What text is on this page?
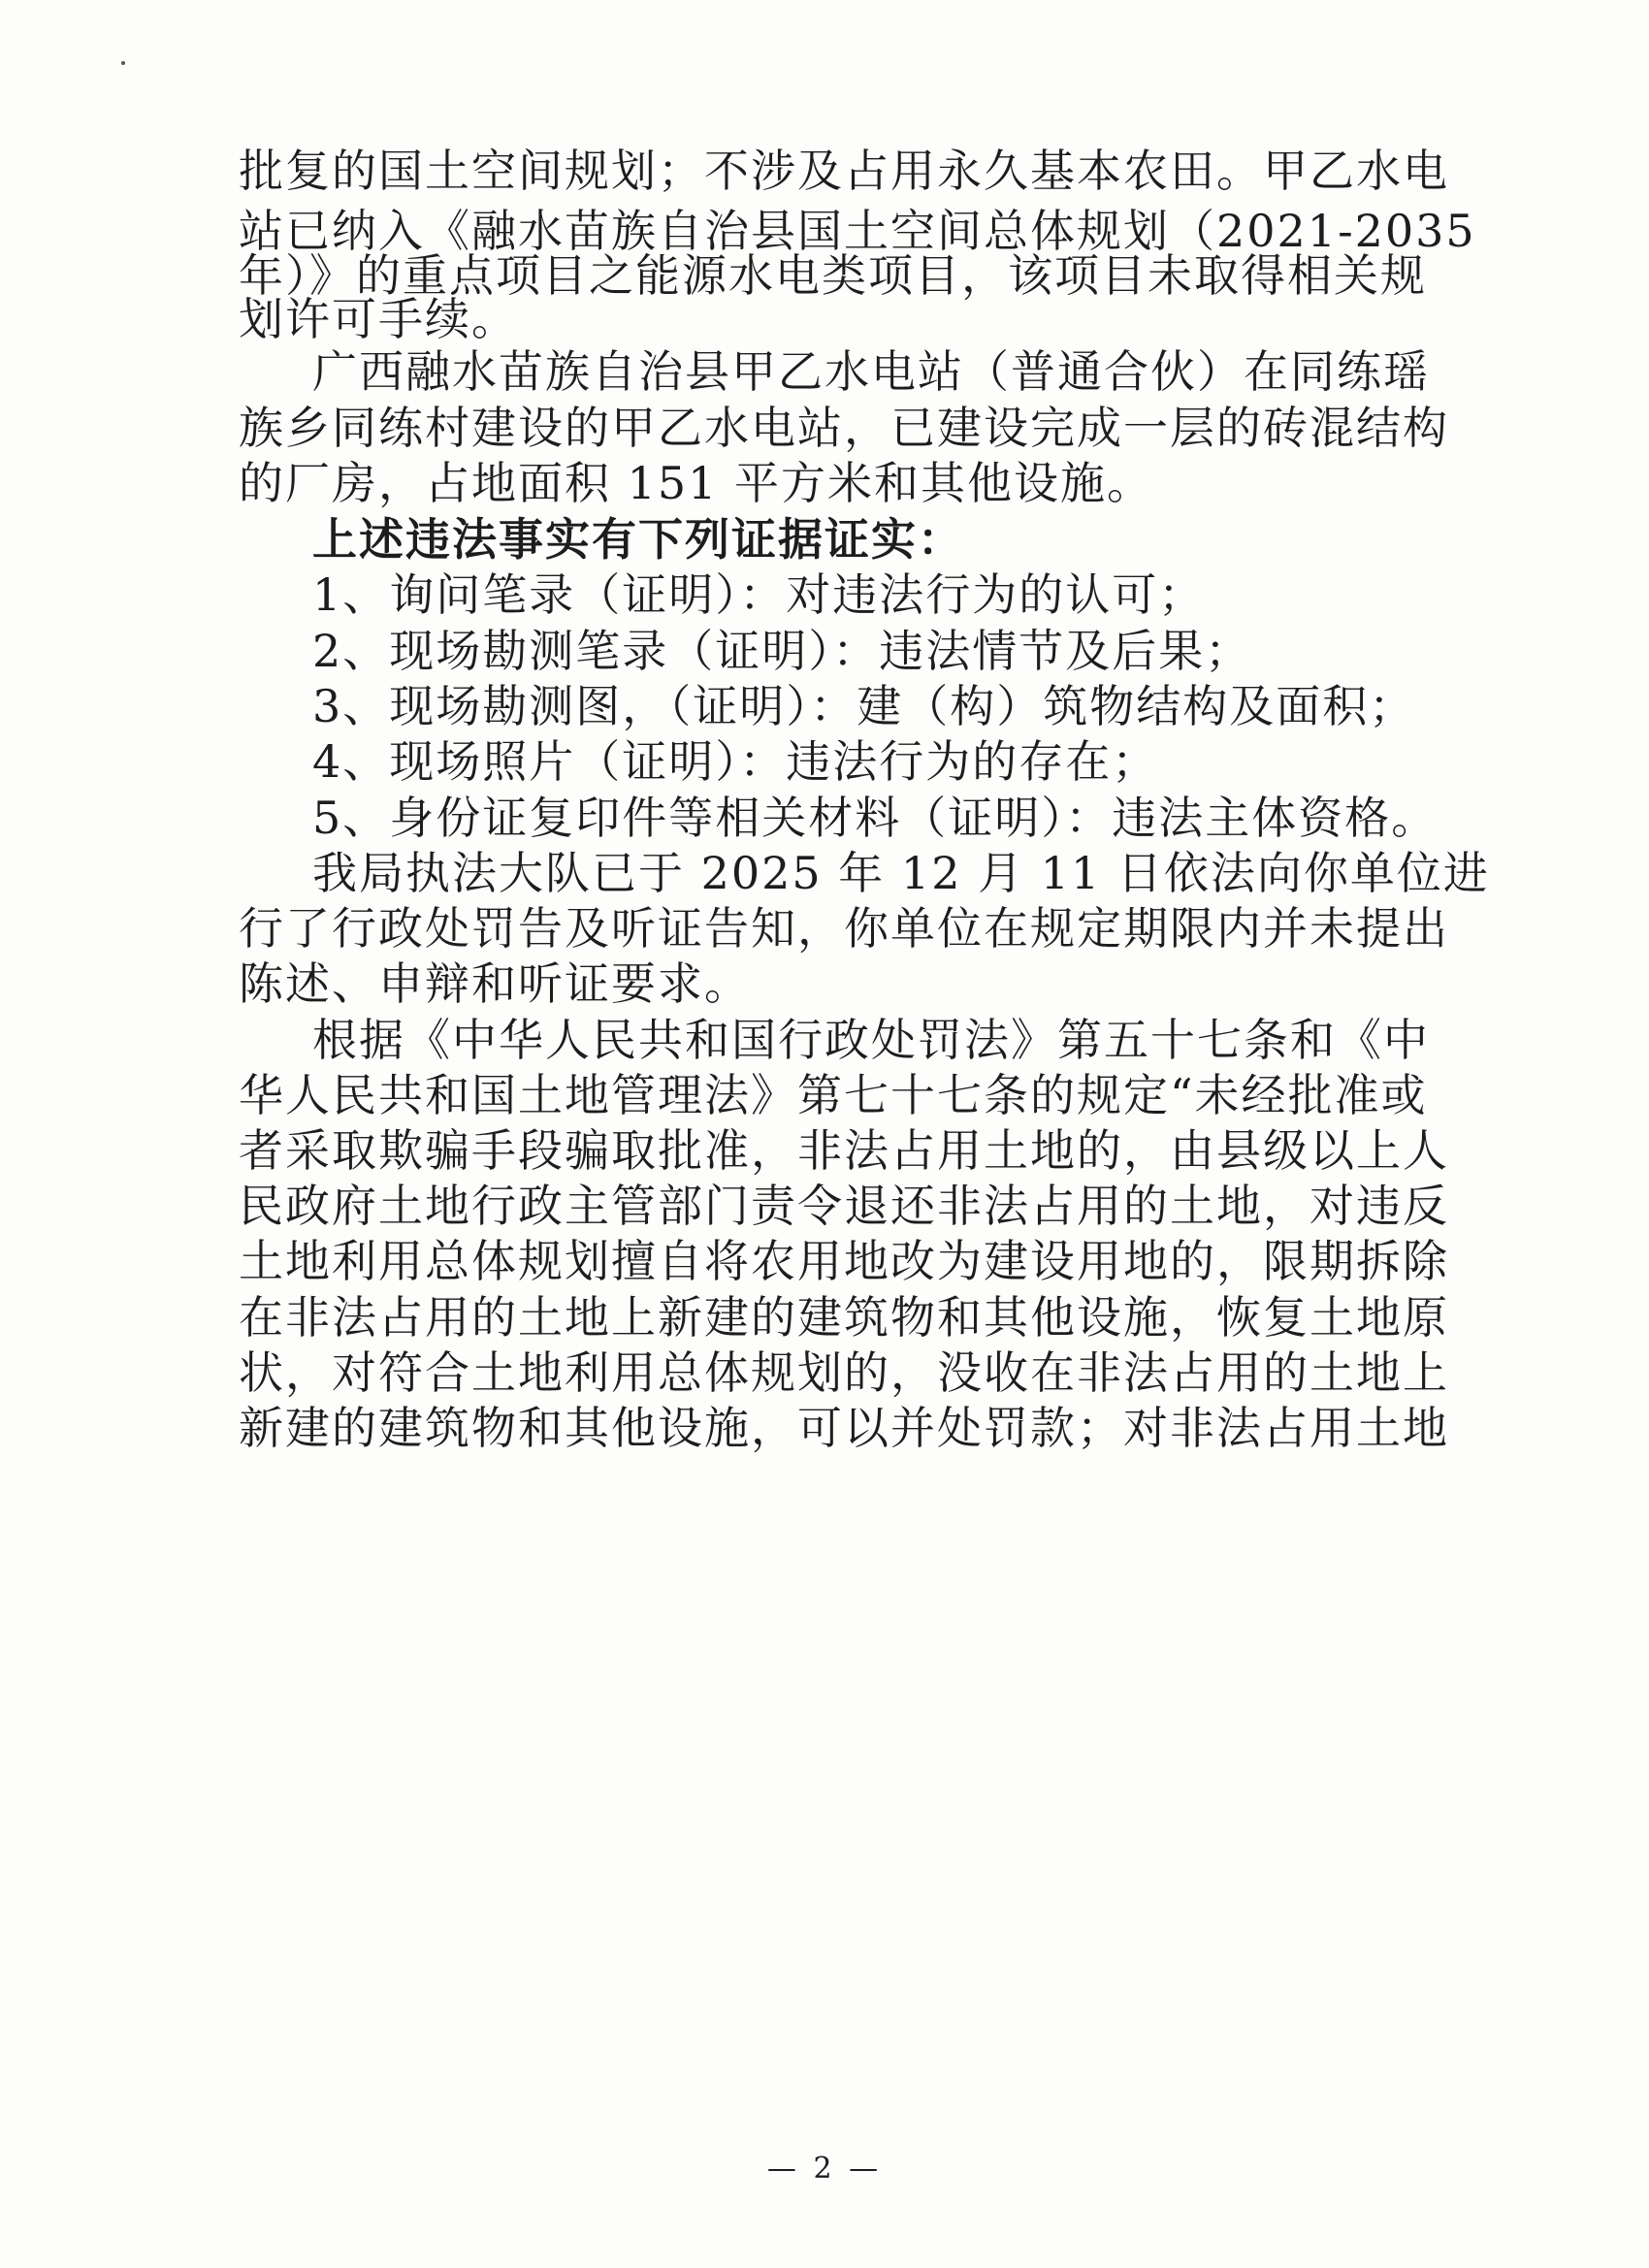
批复的国土空间规划；不涉及占用永久基本农田。甲乙水电
站已纳入《融水苗族自治县国土空间总体规划（2021-2035
年）》的重点项目之能源水电类项目，该项目未取得相关规
划许可手续。
广西融水苗族自治县甲乙水电站（普通合伙）在同练瑶
族乡同练村建设的甲乙水电站，已建设完成一层的砖混结构
的厂房，占地面积 151 平方米和其他设施。
上述违法事实有下列证据证实：
1、询问笔录（证明）：对违法行为的认可；
2、现场勘测笔录（证明）：违法情节及后果；
3、现场勘测图，（证明）：建（构）筑物结构及面积；
4、现场照片（证明）：违法行为的存在；
5、身份证复印件等相关材料（证明）：违法主体资格。
我局执法大队已于 2025 年 12 月 11 日依法向你单位进
行了行政处罚告及听证告知，你单位在规定期限内并未提出
陈述、申辩和听证要求。
根据《中华人民共和国行政处罚法》第五十七条和《中
华人民共和国土地管理法》第七十七条的规定“未经批准或
者采取欺骗手段骗取批准，非法占用土地的，由县级以上人
民政府土地行政主管部门责令退还非法占用的土地，对违反
土地利用总体规划擅自将农用地改为建设用地的，限期拆除
在非法占用的土地上新建的建筑物和其他设施，恢复土地原
状，对符合土地利用总体规划的，没收在非法占用的土地上
新建的建筑物和其他设施，可以并处罚款；对非法占用土地
— 2 —
